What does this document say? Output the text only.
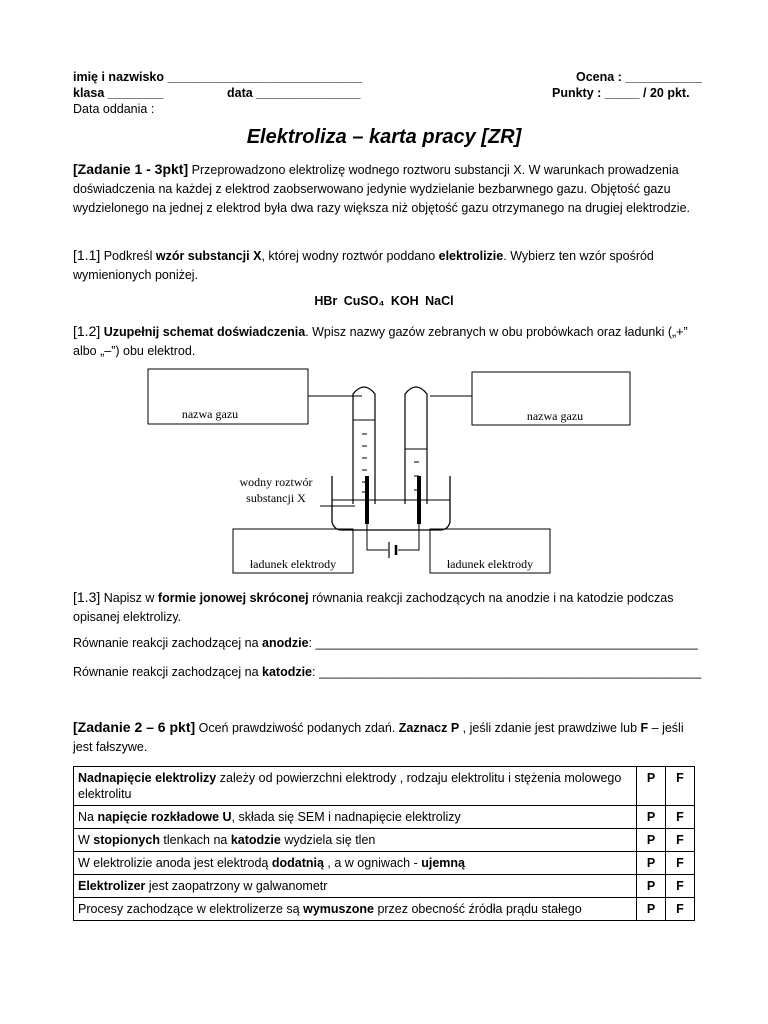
imię i nazwisko ____________________________	Ocena : ___________
klasa ________	data _______________	Punkty : _____ / 20 pkt.
Data oddania :
Elektroliza – karta pracy [ZR]
[Zadanie 1 - 3pkt] Przeprowadzono elektrolizę wodnego roztworu substancji X. W warunkach prowadzenia doświadczenia na każdej z elektrod zaobserwowano jedynie wydzielanie bezbarwnego gazu. Objętość gazu wydzielonego na jednej z elektrod była dwa razy większa niż objętość gazu otrzymanego na drugiej elektrodzie.
[1.1] Podkreśl wzór substancji X, której wodny roztwór poddano elektrolizie. Wybierz ten wzór spośród wymienionych poniżej.
HBr CuSO₄ KOH NaCl
[1.2] Uzupełnij schemat doświadczenia. Wpisz nazwy gazów zebranych w obu probówkach oraz ładunki („+” albo „–”) obu elektrod.
nazwa gazu	nazwa gazu
wodny roztwór
substancji X
ładunek elektrody	ładunek elektrody
[1.3] Napisz w formie jonowej skróconej równania reakcji zachodzących na anodzie i na katodzie podczas opisanej elektrolizy.
Równanie reakcji zachodzącej na anodzie: _______________________________________________________
Równanie reakcji zachodzącej na katodzie: _______________________________________________________
[Zadanie 2 – 6 pkt] Oceń prawdziwość podanych zdań. Zaznacz P , jeśli zdanie jest prawdziwe lub F – jeśli jest fałszywe.
Nadnapięcie elektrolizy zależy od powierzchni elektrody , rodzaju elektrolitu i stężenia molowego elektrolitu	P	F
Na napięcie rozkładowe U, składa się SEM i nadnapięcie elektrolizy	P	F
W stopionych tlenkach na katodzie wydziela się tlen	P	F
W elektrolizie anoda jest elektrodą dodatnią , a w ogniwach - ujemną	P	F
Elektrolizer jest zaopatrzony w galwanometr	P	F
Procesy zachodzące w elektrolizerze są wymuszone przez obecność źródła prądu stałego	P	F
